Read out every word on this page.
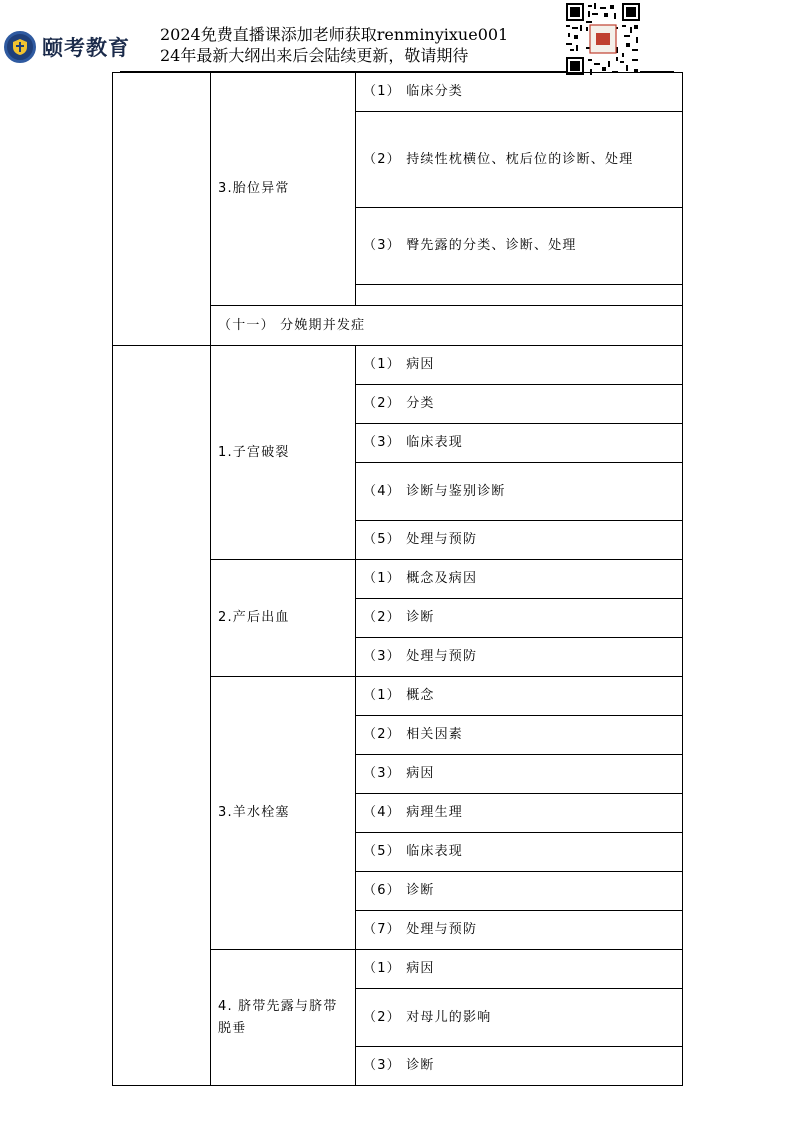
颐考教育
2024免费直播课添加老师获取renminyixue001
24年最新大纲出来后会陆续更新，敬请期待
	3.胎位异常	（1） 临床分类
		（2） 持续性枕横位、枕后位的诊断、处理
		（3） 臀先露的分类、诊断、处理

	（十一） 分娩期并发症	

	1.子宫破裂	（1） 病因
		（2） 分类
		（3） 临床表现
		（4） 诊断与鉴别诊断
		（5） 处理与预防
	2.产后出血	（1） 概念及病因
		（2） 诊断
		（3） 处理与预防
	3.羊水栓塞	（1） 概念
		（2） 相关因素
		（3） 病因
		（4） 病理生理
		（5） 临床表现
		（6） 诊断
		（7） 处理与预防
	4. 脐带先露与脐带 脱垂	（1） 病因
		（2） 对母儿的影响
		（3） 诊断
